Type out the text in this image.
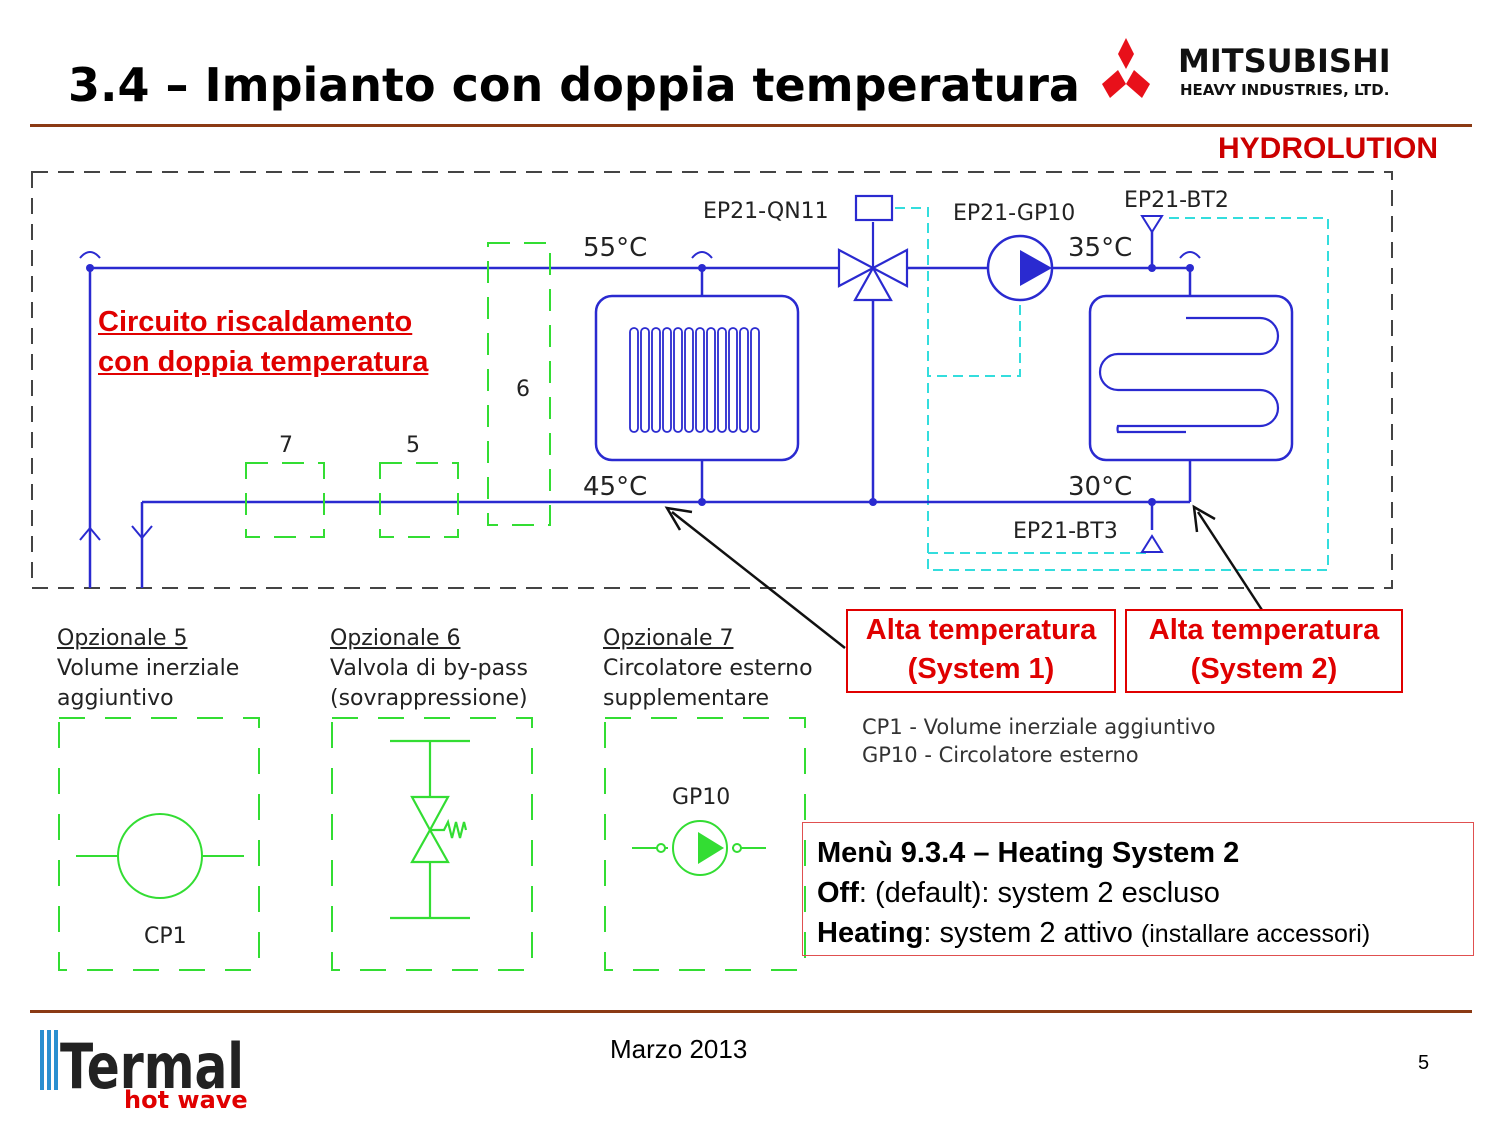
3.4 – Impianto con doppia temperatura	MITSUBISHI
HEAVY INDUSTRIES, LTD.
HYDROLUTION
EP21-QN11	EP21-GP10
EP21-BT2
EP21-BT3
6
7	5
55°C
45°C
35°C
30°C
Circuito riscaldamento
con doppia temperatura
Alta temperatura
(System 1)
Alta temperatura
(System 2)
CP1 - Volume inerziale aggiuntivo
GP10 - Circolatore esterno
Opzionale 5
Volume inerziale
aggiuntivo
Opzionale 6
Valvola di by-pass
(sovrappressione)
Opzionale 7
Circolatore esterno
supplementare
CP1
GP10
Menù 9.3.4 – Heating System 2
Off: (default): system 2 escluso
Heating: system 2 attivo (installare accessori)
Termal
hot wave
Marzo 2013	5
